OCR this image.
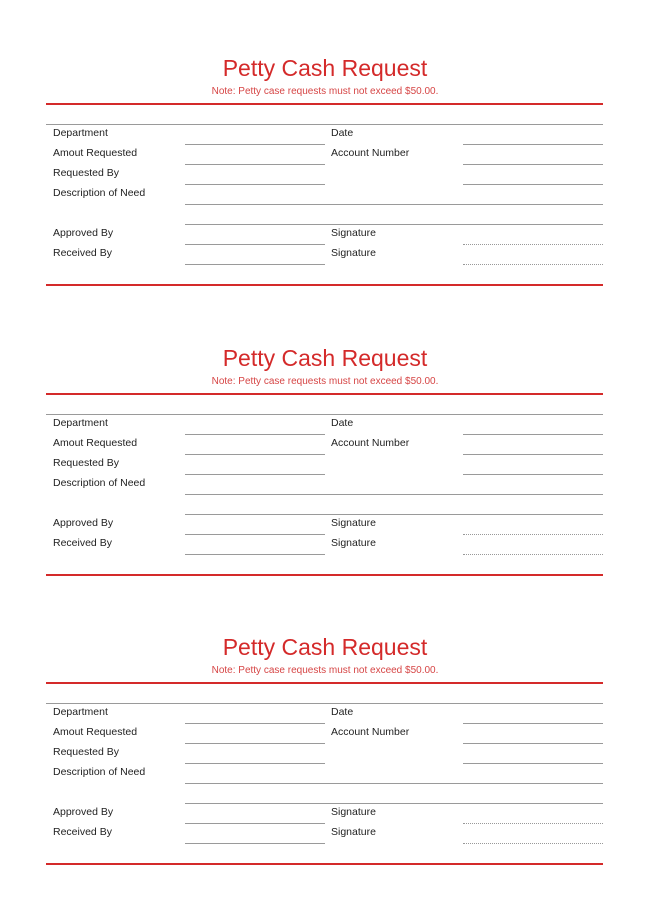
Petty Cash Request
Note: Petty case requests must not exceed $50.00.
Department
Amout Requested
Requested By
Description of Need
Approved By
Received By
Date
Account Number
Signature
Signature
Petty Cash Request
Note: Petty case requests must not exceed $50.00.
Department
Amout Requested
Requested By
Description of Need
Approved By
Received By
Date
Account Number
Signature
Signature
Petty Cash Request
Note: Petty case requests must not exceed $50.00.
Department
Amout Requested
Requested By
Description of Need
Approved By
Received By
Date
Account Number
Signature
Signature
